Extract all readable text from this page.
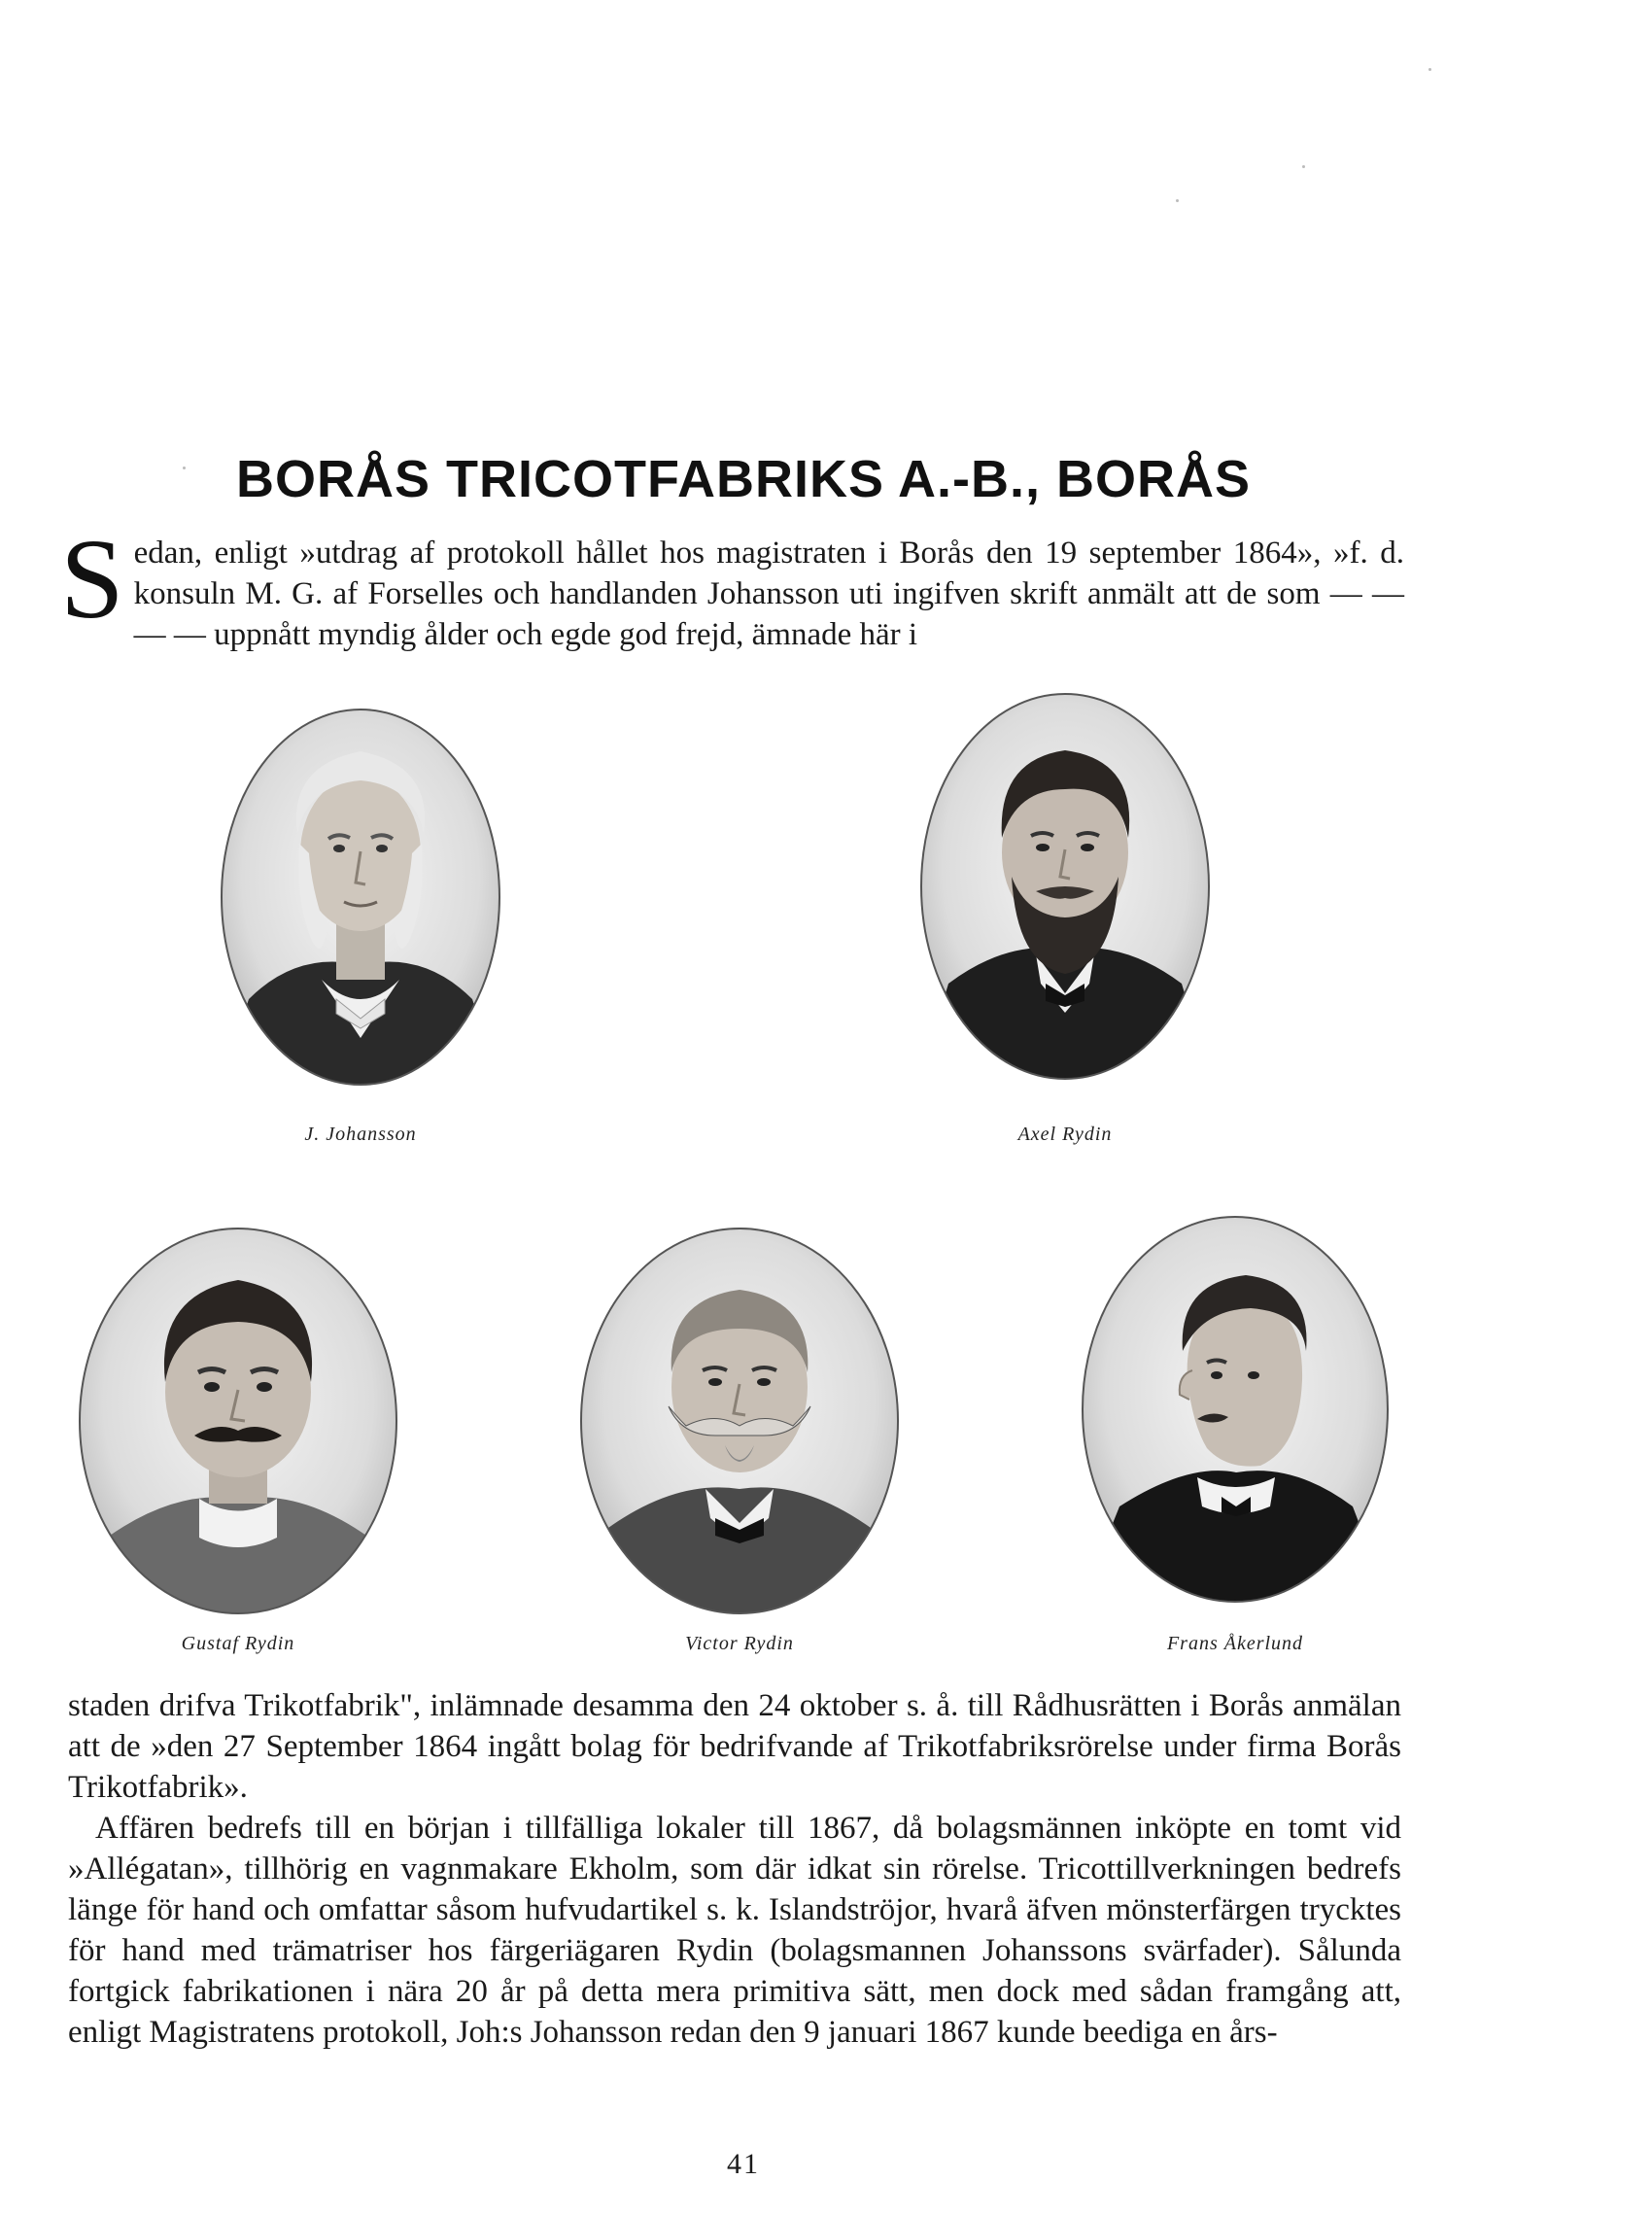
BORÅS TRICOTFABRIKS A.-B., BORÅS
Sedan, enligt »utdrag af protokoll hållet hos magistraten i Borås den 19 september 1864», »f. d. konsuln M. G. af Forselles och handlanden Johansson uti ingifven skrift anmält att de som — — — — uppnått myndig ålder och egde god frejd, ämnade här i
J. Johansson	Axel Rydin
Gustaf Rydin	Victor Rydin	Frans Åkerlund

staden drifva Trikotfabrik", inlämnade desamma den 24 oktober s. å. till Rådhusrätten i Borås anmälan att de »den 27 September 1864 ingått bolag för bedrifvande af Trikotfabriksrörelse under firma Borås Trikotfabrik».

Affären bedrefs till en början i tillfälliga lokaler till 1867, då bolagsmännen inköpte en tomt vid »Allégatan», tillhörig en vagnmakare Ekholm, som där idkat sin rörelse. Tricottillverkningen bedrefs länge för hand och omfattar såsom hufvudartikel s. k. Islandströjor, hvarå äfven mönsterfärgen trycktes för hand med trämatriser hos färgeriägaren Rydin (bolagsmannen Johanssons svärfader). Sålunda fortgick fabrikationen i nära 20 år på detta mera primitiva sätt, men dock med sådan framgång att, enligt Magistratens protokoll, Joh:s Johansson redan den 9 januari 1867 kunde beediga en års-

41
